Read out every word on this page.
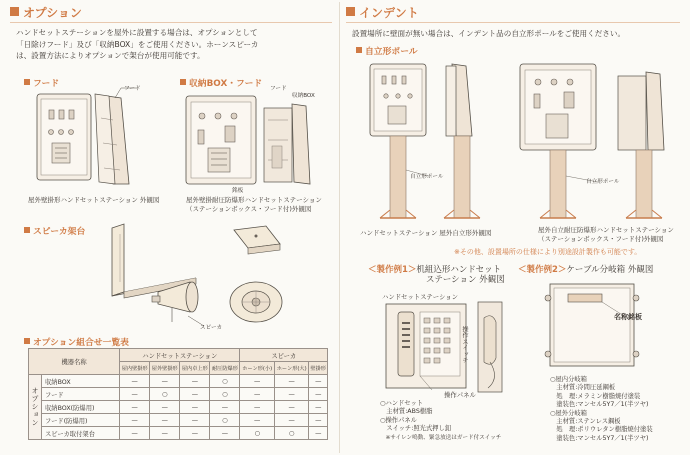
オプション
ハンドセットステーションを屋外に設置する場合は、オプションとして
「日除けフード」及び「収納BOX」をご使用ください。ホーンスピーカ
は、設置方法によりオプションで架台が使用可能です。
フード	フード
屋外壁掛形ハンドセットステーション 外観図
収納BOX・フード フード
収納BOX
銘板
屋外壁掛耐圧防爆形ハンドセットステーション
（ステーションボックス・フード付)外観図
スピーカ架台
スピーカ
オプション組合せ一覧表
機器名称		ハンドセットステーション				スピーカ		
		屋内壁掛形	屋外壁掛形	屋内卓上形	耐圧防爆形	ホーン形(小)	ホーン形(大)	壁掛形
オプション	収納BOX	—	—	—	○	—	—	—
	フード	—	○	—	○	—	—	—
	収納BOX(防爆用)	—	—	—	—	—	—	—
	フード(防爆用)	—	—	—	○	—	—	—
	スピーカ取付架台	—	—	—	—	○	○	—
インデント
設置場所に壁面が無い場合は、インデント品の自立形ポールをご使用ください。
自立形ポール
自立形ポール
ハンドセットステーション 屋外自立形外観図
自立形ポール
屋外自立耐圧防爆形ハンドセットステーション
（ステーションボックス・フード付)外観図
※その他、設置場所の仕様により別途設計製作も可能です。
＜製作例1＞机組込形ハンドセット
ステーション 外観図
ハンドセットステーション
操作パネル
操作スイッチ
○ハンドセット
　主材質:ABS樹脂
○操作パネル
　スイッチ:照光式押し釦
　※サイレン鳴動、緊急放送はガード付スイッチ
＜製作例2＞ケーブル分岐箱 外観図
名称銘板
○屋内分岐箱
　主材質:冷間圧延鋼板
　処　理:メラミン樹脂焼付塗装
　塗装色:マンセル5Y7／1(半ツヤ)
○屋外分岐箱
　主材質:ステンレス鋼板
　処　理:ポリウレタン樹脂焼付塗装
　塗装色:マンセル5Y7／1(半ツヤ)
